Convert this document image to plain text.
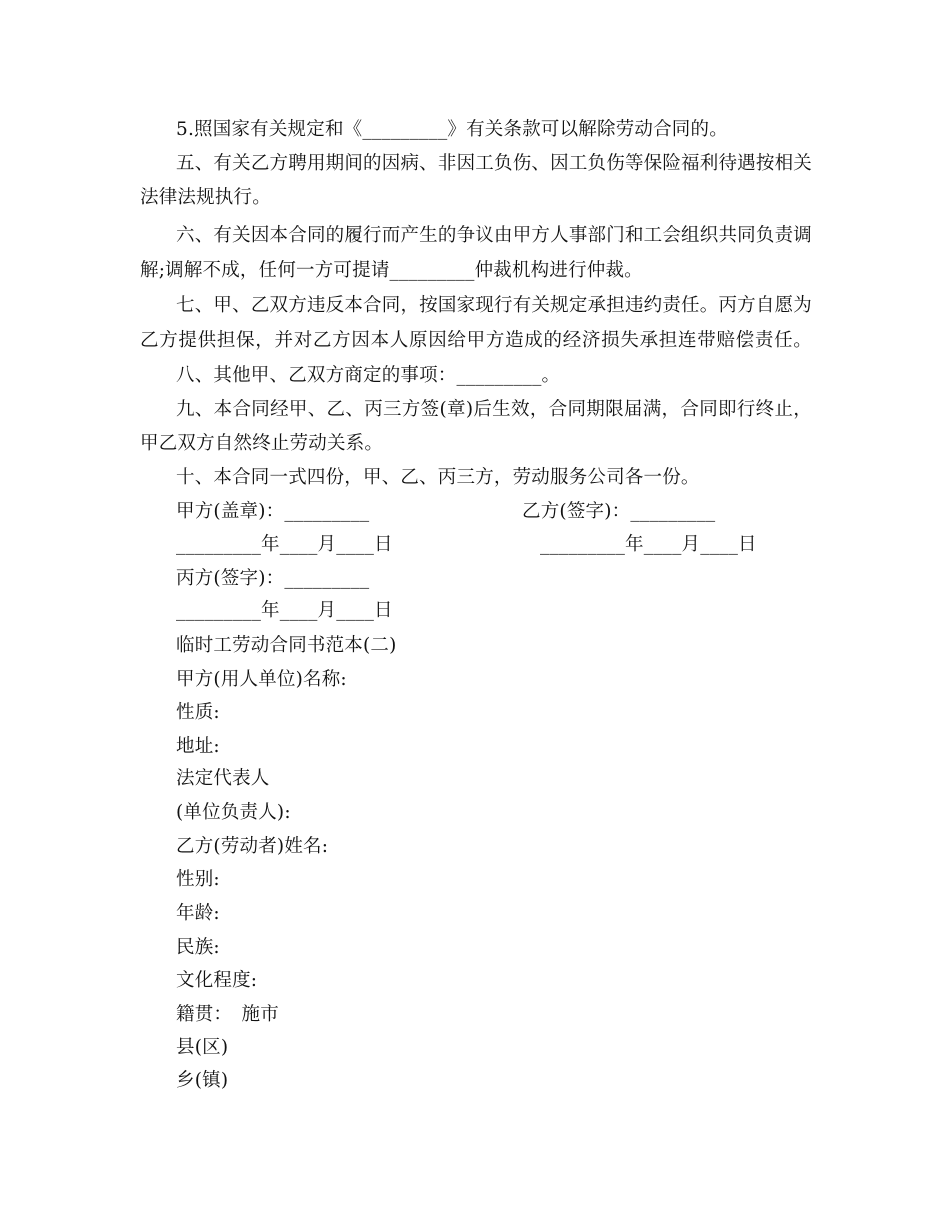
5.照国家有关规定和《_________》有关条款可以解除劳动合同的。
五、有关乙方聘用期间的因病、非因工负伤、因工负伤等保险福利待遇按相关
法律法规执行。
六、有关因本合同的履行而产生的争议由甲方人事部门和工会组织共同负责调
解;调解不成，任何一方可提请_________仲裁机构进行仲裁。
七、甲、乙双方违反本合同，按国家现行有关规定承担违约责任。丙方自愿为
乙方提供担保，并对乙方因本人原因给甲方造成的经济损失承担连带赔偿责任。
八、其他甲、乙双方商定的事项：_________。
九、本合同经甲、乙、丙三方签(章)后生效，合同期限届满，合同即行终止，
甲乙双方自然终止劳动关系。
十、本合同一式四份，甲、乙、丙三方，劳动服务公司各一份。
甲方(盖章)：_________	乙方(签字)：_________
_________年____月____日	_________年____月____日
丙方(签字)：_________
_________年____月____日
临时工劳动合同书范本(二)
甲方(用人单位)名称:
性质:
地址:
法定代表人
(单位负责人):
乙方(劳动者)姓名:
性别:
年龄:
民族:
文化程度:
籍贯：　施市
县(区)
乡(镇)
